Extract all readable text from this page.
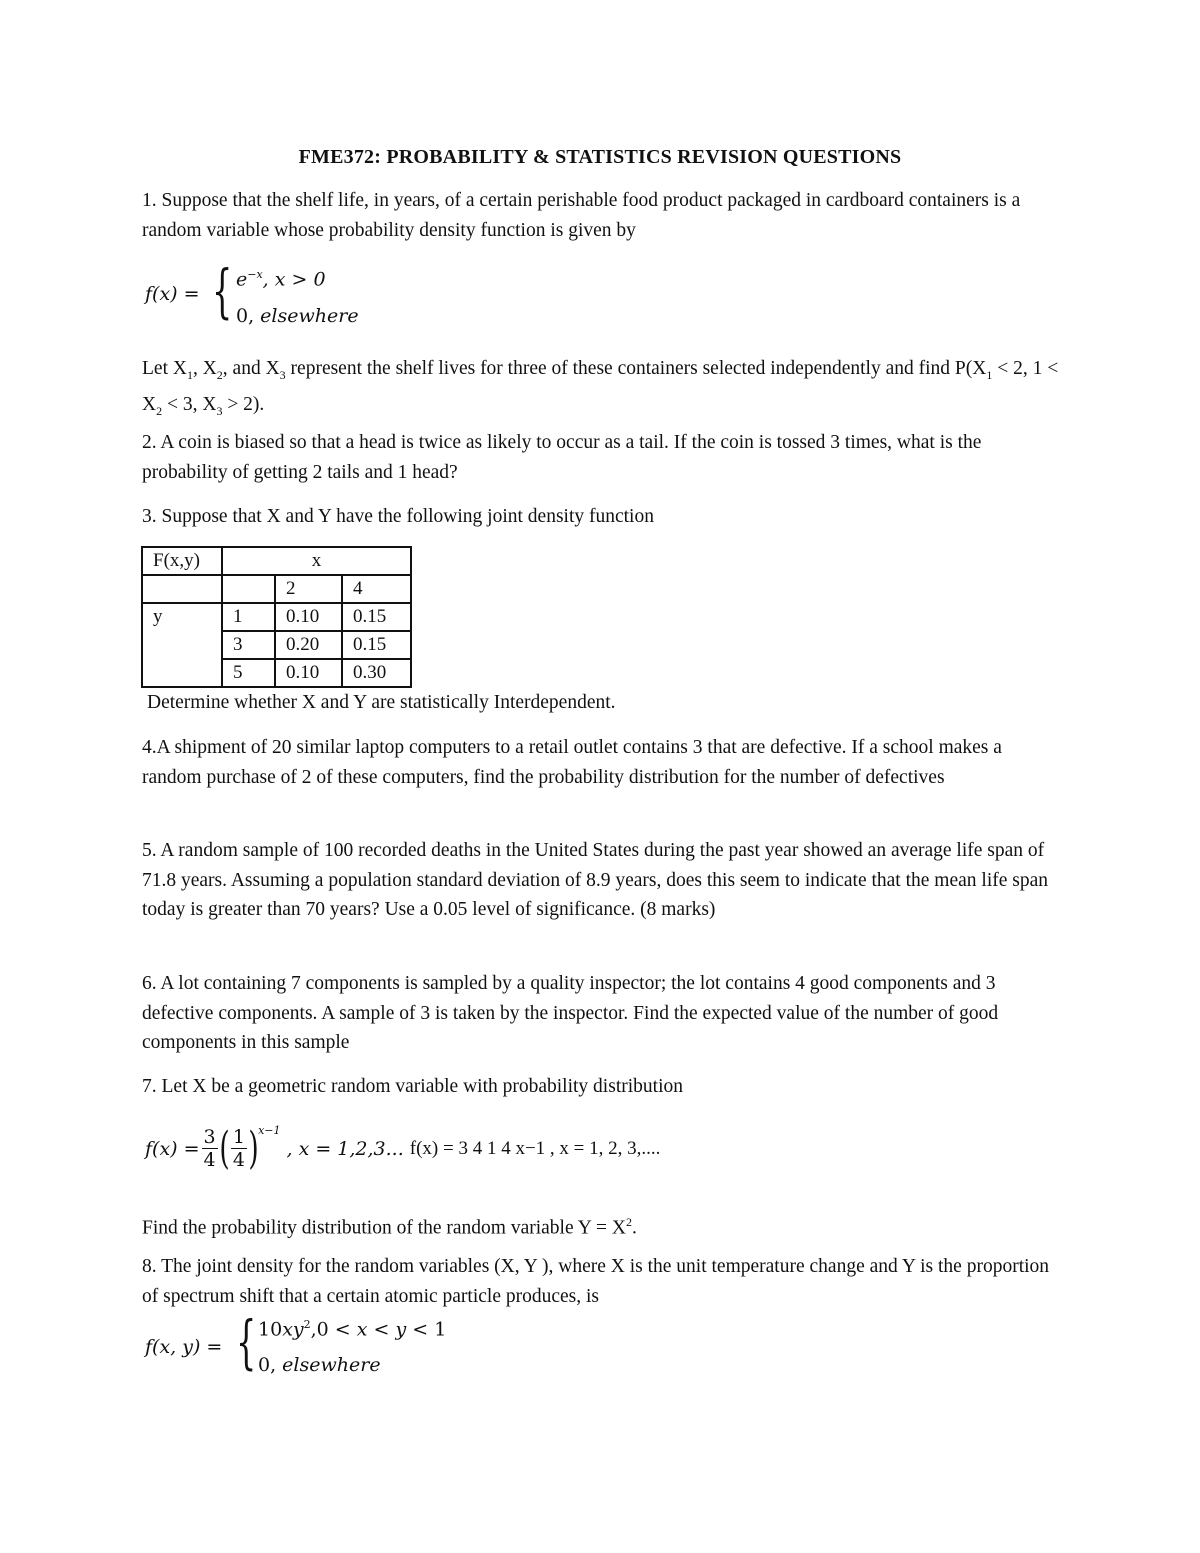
FME372: PROBABILITY & STATISTICS REVISION QUESTIONS

1. Suppose that the shelf life, in years, of a certain perishable food product packaged in cardboard containers is a random variable whose probability density function is given by

f(x) = { $e^{-x}$, x > 0
0, elsewhere

Let $X_1$, $X_2$, and $X_3$ represent the shelf lives for three of these containers selected independently and find $P(X_1 < 2$, $1 < X_2 < 3$, $X_3 > 2$).

2. A coin is biased so that a head is twice as likely to occur as a tail. If the coin is tossed 3 times, what is the probability of getting 2 tails and 1 head?

3. Suppose that X and Y have the following joint density function

F(x,y)	x		
		2	4
y	1	0.10	0.15
	3	0.20	0.15
	5	0.10	0.30

Determine whether X and Y are statistically Interdependent.

4.A shipment of 20 similar laptop computers to a retail outlet contains 3 that are defective. If a school makes a random purchase of 2 of these computers, find the probability distribution for the number of defectives

5. A random sample of 100 recorded deaths in the United States during the past year showed an average life span of 71.8 years. Assuming a population standard deviation of 8.9 years, does this seem to indicate that the mean life span today is greater than 70 years? Use a 0.05 level of significance. (8 marks)

6. A lot containing 7 components is sampled by a quality inspector; the lot contains 4 good components and 3 defective components. A sample of 3 is taken by the inspector. Find the expected value of the number of good components in this sample

7. Let X be a geometric random variable with probability distribution

$f(x) = \frac{3}{4}$ ( $\frac{1}{4} )^{x-1}$
, x = 1,2,3... f(x) = 3 4 1 4 x−1 , x = 1, 2, 3,....

Find the probability distribution of the random variable $Y = X^2$.

8. The joint density for the random variables (X, Y ), where X is the unit temperature change and Y is the proportion of spectrum shift that a certain atomic particle produces, is

f(x, y) = { $10xy^2,0 < x < y < 1$
0, elsewhere
